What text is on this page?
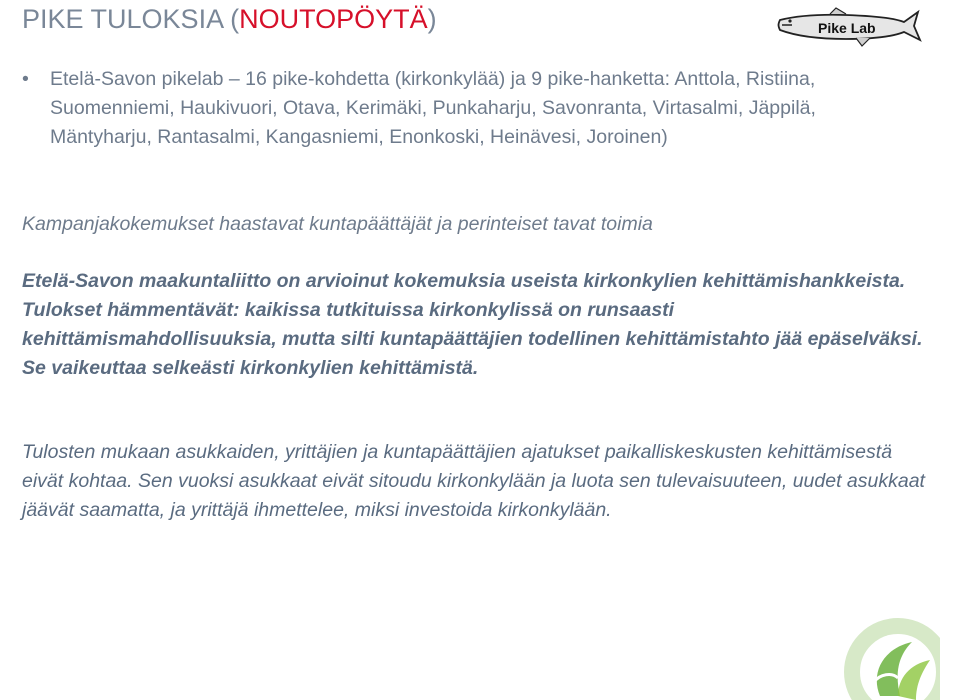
PIKE TULOKSIA (NOUTOPÖYTÄ)	Pike Lab
• Etelä-Savon pikelab – 16 pike-kohdetta (kirkonkylää) ja 9 pike-hanketta: Anttola, Ristiina, Suomenniemi, Haukivuori, Otava, Kerimäki, Punkaharju, Savonranta, Virtasalmi, Jäppilä, Mäntyharju, Rantasalmi, Kangasniemi, Enonkoski, Heinävesi, Joroinen)
Kampanjakokemukset haastavat kuntapäättäjät ja perinteiset tavat toimia
Etelä-Savon maakuntaliitto on arvioinut kokemuksia useista kirkonkylien kehittämishankkeista. Tulokset hämmentävät: kaikissa tutkituissa kirkonkylissä on runsaasti kehittämismahdollisuuksia, mutta silti kuntapäättäjien todellinen kehittämistahto jää epäselväksi. Se vaikeuttaa selkeästi kirkonkylien kehittämistä.
Tulosten mukaan asukkaiden, yrittäjien ja kuntapäättäjien ajatukset paikalliskeskusten kehittämisestä eivät kohtaa. Sen vuoksi asukkaat eivät sitoudu kirkonkylään ja luota sen tulevaisuuteen, uudet asukkaat jäävät saamatta, ja yrittäjä ihmettelee, miksi investoida kirkonkylään.
